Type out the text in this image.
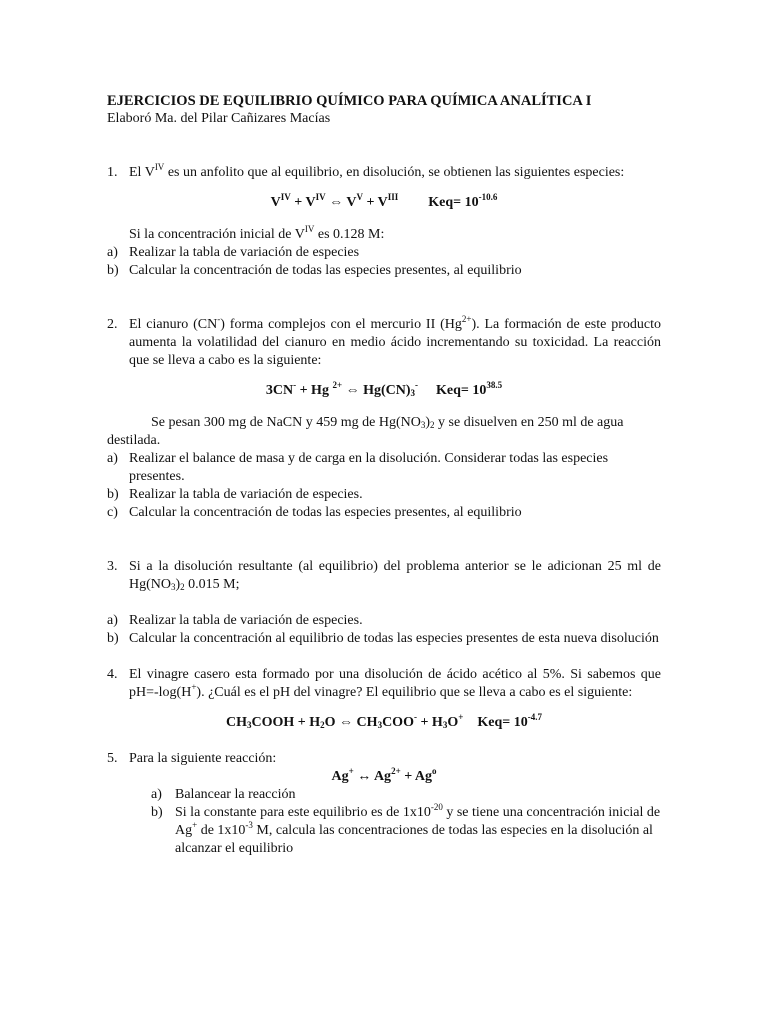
EJERCICIOS DE EQUILIBRIO QUÍMICO PARA QUÍMICA ANALÍTICA I
Elaboró Ma. del Pilar Cañizares Macías
1. El $V^{IV}$ es un anfolito que al equilibrio, en disolución, se obtienen las siguientes especies:
$V^{IV} + V^{IV}$ ⇔ $V^V + V^{III}$ $Keq= 10^{-10.6}$
Si la concentración inicial de $V^{IV}$ es 0.128 M:
a) Realizar la tabla de variación de especies
b) Calcular la concentración de todas las especies presentes, al equilibrio
2. El cianuro (CN-) forma complejos con el mercurio II $(Hg^{2+})$. La formación de este producto aumenta la volatilidad del cianuro en medio ácido incrementando su toxicidad. La reacción que se lleva a cabo es la siguiente:
3CN- + Hg $^{2+}$ ⇔ $Hg(CN)_3^-$ $Keq= 10^{38.5}$
Se pesan 300 mg de NaCN y 459 mg de $Hg(NO_3)_2$ y se disuelven en 250 ml de agua destilada.
a) Realizar el balance de masa y de carga en la disolución. Considerar todas las especies presentes.
b) Realizar la tabla de variación de especies.
c) Calcular la concentración de todas las especies presentes, al equilibrio
3. Si a la disolución resultante (al equilibrio) del problema anterior se le adicionan 25 ml de $Hg(NO_3)_2$ 0.015 M;
a) Realizar la tabla de variación de especies.
b) Calcular la concentración al equilibrio de todas las especies presentes de esta nueva disolución
4. El vinagre casero esta formado por una disolución de ácido acético al 5%. Si sabemos que pH=-log(H+). ¿Cuál es el pH del vinagre? El equilibrio que se lleva a cabo es el siguiente:
$CH_3COOH + H_2O$ ⇔ $CH_3COO^- + H_3O^+$ $Keq= 10^{-4.7}$
5. Para la siguiente reacción:
Ag+ ↔ $Ag^{2+} + Ag^o$
a) Balancear la reacción
b) Si la constante para este equilibrio es de $1x10^{-20}$ y se tiene una concentración inicial de Ag+ de $1x10^{-3}$ M, calcula las concentraciones de todas las especies en la disolución al alcanzar el equilibrio
